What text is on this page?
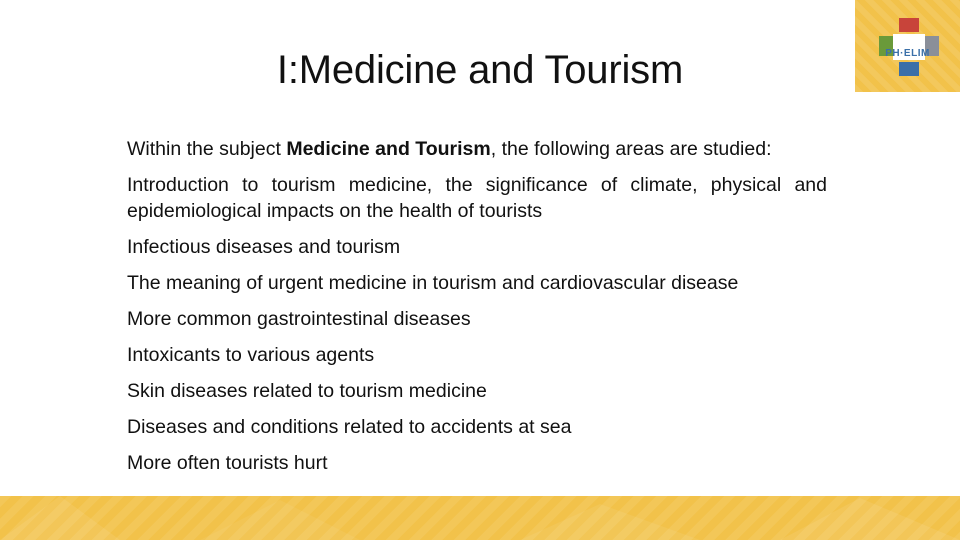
I:Medicine and Tourism	PH·ELIM

Within the subject Medicine and Tourism, the following areas are studied:

Introduction to tourism medicine, the significance of climate, physical and epidemiological impacts on the health of tourists

Infectious diseases and tourism

The meaning of urgent medicine in tourism and cardiovascular disease

More common gastrointestinal diseases

Intoxicants to various agents

Skin diseases related to tourism medicine

Diseases and conditions related to accidents at sea

More often tourists hurt
